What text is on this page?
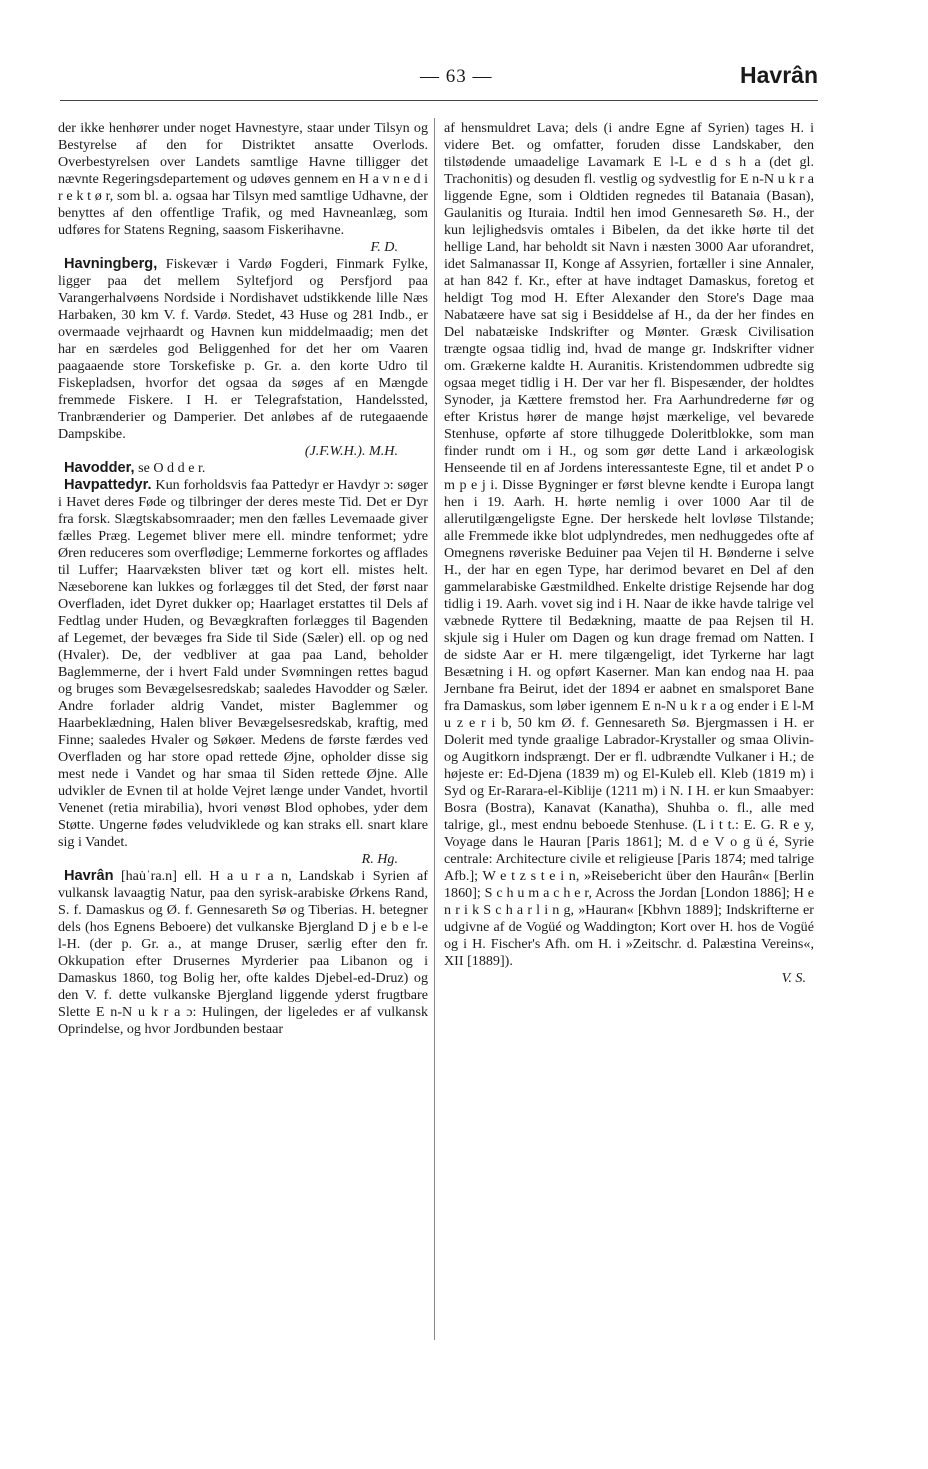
— 63 —	Havrân

der ikke henhører under noget Havnestyre, staar under Tilsyn og Bestyrelse af den for Distriktet ansatte Overlods. Overbestyrelsen over Landets samtlige Havne tilligger det nævnte Regeringsdepartement og udøves gennem en H a v n e d i r e k t ø r, som bl. a. ogsaa har Tilsyn med samtlige Udhavne, der benyttes af den offentlige Trafik, og med Havneanlæg, som udføres for Statens Regning, saasom Fiskerihavne.

F. D.

Havningberg, Fiskevær i Vardø Fogderi, Finmark Fylke, ligger paa det mellem Syltefjord og Persfjord paa Varangerhalvøens Nordside i Nordishavet udstikkende lille Næs Harbaken, 30 km V. f. Vardø. Stedet, 43 Huse og 281 Indb., er overmaade vejrhaardt og Havnen kun middelmaadig; men det har en særdeles god Beliggenhed for det her om Vaaren paagaaende store Torskefiske p. Gr. a. den korte Udro til Fiskepladsen, hvorfor det ogsaa da søges af en Mængde fremmede Fiskere. I H. er Telegrafstation, Handelssted, Tranbrænderier og Damperier. Det anløbes af de rutegaaende Dampskibe.

(J.F.W.H.). M.H.

Havodder, se O d d e r.

Havpattedyr. Kun forholdsvis faa Pattedyr er Havdyr ɔ: søger i Havet deres Føde og tilbringer der deres meste Tid. Det er Dyr fra forsk. Slægtskabsomraader; men den fælles Levemaade giver fælles Præg. Legemet bliver mere ell. mindre tenformet; ydre Øren reduceres som overflødige; Lemmerne forkortes og afflades til Luffer; Haarvæksten bliver tæt og kort ell. mistes helt. Næseborene kan lukkes og forlægges til det Sted, der først naar Overfladen, idet Dyret dukker op; Haarlaget erstattes til Dels af Fedtlag under Huden, og Bevægkraften forlægges til Bagenden af Legemet, der bevæges fra Side til Side (Sæler) ell. op og ned (Hvaler). De, der vedbliver at gaa paa Land, beholder Baglemmerne, der i hvert Fald under Svømningen rettes bagud og bruges som Bevægelsesredskab; saaledes Havodder og Sæler. Andre forlader aldrig Vandet, mister Baglemmer og Haarbeklædning, Halen bliver Bevægelsesredskab, kraftig, med Finne; saaledes Hvaler og Søkøer. Medens de første færdes ved Overfladen og har store opad rettede Øjne, opholder disse sig mest nede i Vandet og har smaa til Siden rettede Øjne. Alle udvikler de Evnen til at holde Vejret længe under Vandet, hvortil Venenet (retia mirabilia), hvori venøst Blod ophobes, yder dem Støtte. Ungerne fødes veludviklede og kan straks ell. snart klare sig i Vandet.

R. Hg.

Havrân [hau̇ˈra.n] ell. H a u r a n, Landskab i Syrien af vulkansk lavaagtig Natur, paa den syrisk-arabiske Ørkens Rand, S. f. Damaskus og Ø. f. Gennesareth Sø og Tiberias. H. betegner dels (hos Egnens Beboere) det vulkanske Bjergland D j e b e l-e l-H. (der p. Gr. a., at mange Druser, særlig efter den fr. Okkupation efter Drusernes Myrderier paa Libanon og i Damaskus 1860, tog Bolig her, ofte kaldes Djebel-ed-Druz) og den V. f. dette vulkanske Bjergland liggende yderst frugtbare Slette E n-N u k r a ɔ: Hulingen, der ligeledes er af vulkansk Oprindelse, og hvor Jordbunden bestaar

af hensmuldret Lava; dels (i andre Egne af Syrien) tages H. i videre Bet. og omfatter, foruden disse Landskaber, den tilstødende umaadelige Lavamark E l-L e d s h a (det gl. Trachonitis) og desuden fl. vestlig og sydvestlig for E n-N u k r a liggende Egne, som i Oldtiden regnedes til Batanaia (Basan), Gaulanitis og Ituraia. Indtil hen imod Gennesareth Sø. H., der kun lejlighedsvis omtales i Bibelen, da det ikke hørte til det hellige Land, har beholdt sit Navn i næsten 3000 Aar uforandret, idet Salmanassar II, Konge af Assyrien, fortæller i sine Annaler, at han 842 f. Kr., efter at have indtaget Damaskus, foretog et heldigt Tog mod H. Efter Alexander den Store's Dage maa Nabatæere have sat sig i Besiddelse af H., da der her findes en Del nabatæiske Indskrifter og Mønter. Græsk Civilisation trængte ogsaa tidlig ind, hvad de mange gr. Indskrifter vidner om. Grækerne kaldte H. Auranitis. Kristendommen udbredte sig ogsaa meget tidlig i H. Der var her fl. Bispesænder, der holdtes Synoder, ja Kættere fremstod her. Fra Aarhundrederne før og efter Kristus hører de mange højst mærkelige, vel bevarede Stenhuse, opførte af store tilhuggede Doleritblokke, som man finder rundt om i H., og som gør dette Land i arkæologisk Henseende til en af Jordens interessanteste Egne, til et andet P o m p e j i. Disse Bygninger er først blevne kendte i Europa langt hen i 19. Aarh. H. hørte nemlig i over 1000 Aar til de allerutilgængeligste Egne. Der herskede helt lovløse Tilstande; alle Fremmede ikke blot udplyndredes, men nedhuggedes ofte af Omegnens røveriske Beduiner paa Vejen til H. Bønderne i selve H., der har en egen Type, har derimod bevaret en Del af den gammelarabiske Gæstmildhed. Enkelte dristige Rejsende har dog tidlig i 19. Aarh. vovet sig ind i H. Naar de ikke havde talrige vel væbnede Ryttere til Bedækning, maatte de paa Rejsen til H. skjule sig i Huler om Dagen og kun drage fremad om Natten. I de sidste Aar er H. mere tilgængeligt, idet Tyrkerne har lagt Besætning i H. og opført Kaserner. Man kan endog naa H. paa Jernbane fra Beirut, idet der 1894 er aabnet en smalsporet Bane fra Damaskus, som løber igennem E n-N u k r a og ender i E l-M u z e r i b, 50 km Ø. f. Gennesareth Sø. Bjergmassen i H. er Dolerit med tynde graalige Labrador-Krystaller og smaa Olivin- og Augitkorn indsprængt. Der er fl. udbrændte Vulkaner i H.; de højeste er: Ed-Djena (1839 m) og El-Kuleb ell. Kleb (1819 m) i Syd og Er-Rarara-el-Kiblije (1211 m) i N. I H. er kun Smaabyer: Bosra (Bostra), Kanavat (Kanatha), Shuhba o. fl., alle med talrige, gl., mest endnu beboede Stenhuse. (L i t t.: E. G. R e y, Voyage dans le Hauran [Paris 1861]; M. d e V o g ü é, Syrie centrale: Architecture civile et religieuse [Paris 1874; med talrige Afb.]; W e t z s t e i n, »Reisebericht über den Haurân« [Berlin 1860]; S c h u m a c h e r, Across the Jordan [London 1886]; H e n r i k S c h a r l i n g, »Hauran« [Kbhvn 1889]; Indskrifterne er udgivne af de Vogüé og Waddington; Kort over H. hos de Vogüé og i H. Fischer's Afh. om H. i »Zeitschr. d. Palæstina Vereins«, XII [1889]).

V. S.
